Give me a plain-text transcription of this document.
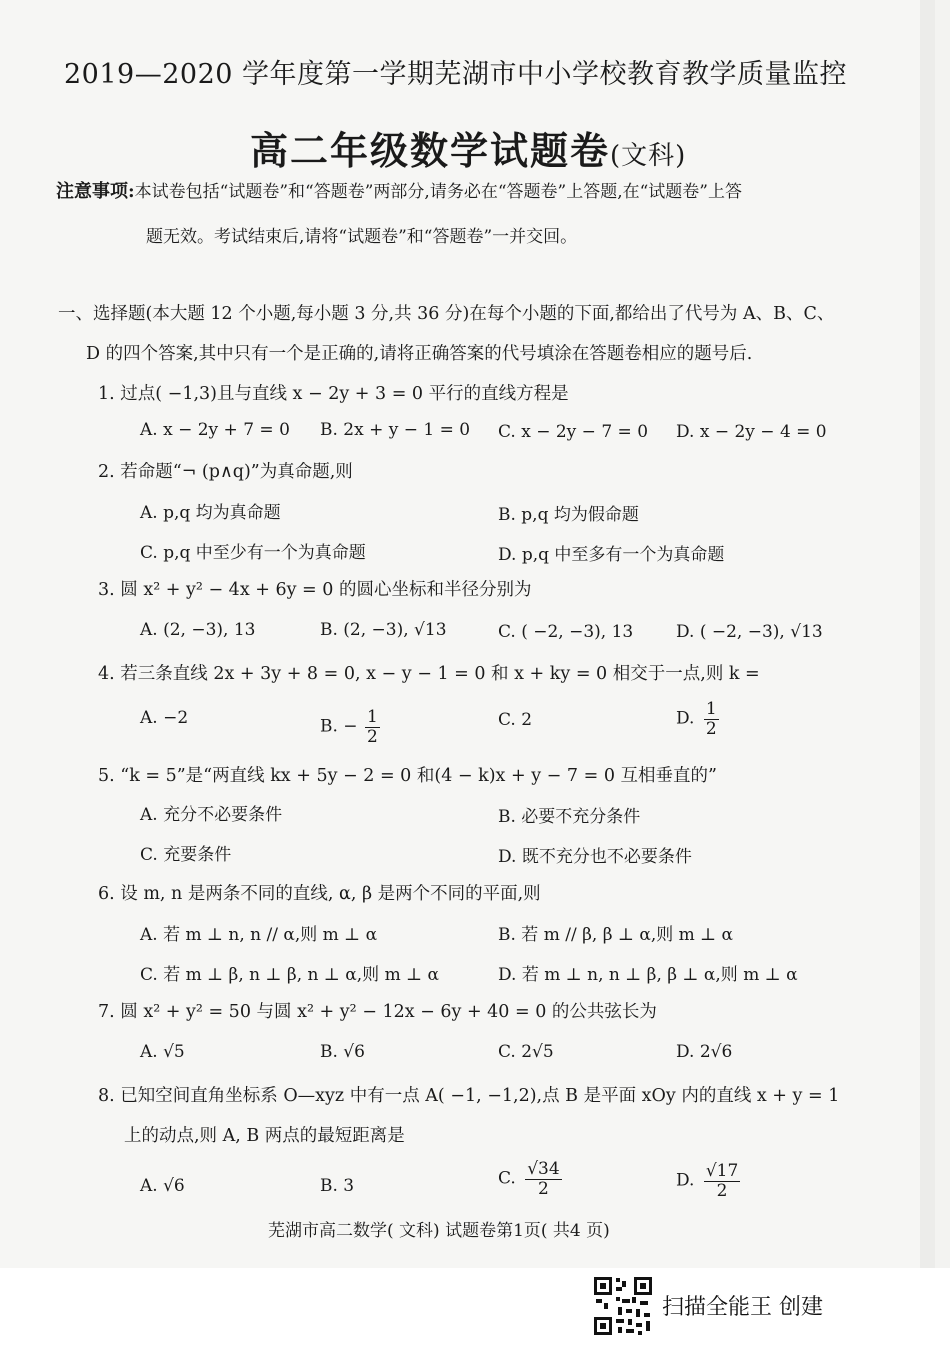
2019—2020 学年度第一学期芜湖市中小学校教育教学质量监控
高二年级数学试题卷(文科)
注意事项:本试卷包括“试题卷”和“答题卷”两部分,请务必在“答题卷”上答题,在“试题卷”上答
题无效。考试结束后,请将“试题卷”和“答题卷”一并交回。
一、选择题(本大题 12 个小题,每小题 3 分,共 36 分)在每个小题的下面,都给出了代号为 A、B、C、
D 的四个答案,其中只有一个是正确的,请将正确答案的代号填涂在答题卷相应的题号后.
1. 过点( −1,3)且与直线 x − 2y + 3 = 0 平行的直线方程是
A. x − 2y + 7 = 0 B. 2x + y − 1 = 0 C. x − 2y − 7 = 0 D. x − 2y − 4 = 0
2. 若命题“¬ (p∧q)”为真命题,则
A. p,q 均为真命题	B. p,q 均为假命题
C. p,q 中至少有一个为真命题	D. p,q 中至多有一个为真命题
3. 圆 x² + y² − 4x + 6y = 0 的圆心坐标和半径分别为
A. (2, −3), 13	B. (2, −3), √13	C. ( −2, −3), 13	D. ( −2, −3), √13
4. 若三条直线 2x + 3y + 8 = 0, x − y − 1 = 0 和 x + ky = 0 相交于一点,则 k =
A. −2	B. − $\frac{1}{2}$	C. 2	D. $\frac{1}{2}$
5. “k = 5”是“两直线 kx + 5y − 2 = 0 和(4 − k)x + y − 7 = 0 互相垂直的”
A. 充分不必要条件	B. 必要不充分条件
C. 充要条件	D. 既不充分也不必要条件
6. 设 m, n 是两条不同的直线, α, β 是两个不同的平面,则
A. 若 m ⊥ n, n // α,则 m ⊥ α	B. 若 m // β, β ⊥ α,则 m ⊥ α
C. 若 m ⊥ β, n ⊥ β, n ⊥ α,则 m ⊥ α	D. 若 m ⊥ n, n ⊥ β, β ⊥ α,则 m ⊥ α
7. 圆 x² + y² = 50 与圆 x² + y² − 12x − 6y + 40 = 0 的公共弦长为
A. √5	B. √6	C. 2√5	D. 2√6
8. 已知空间直角坐标系 O—xyz 中有一点 A( −1, −1,2),点 B 是平面 xOy 内的直线 x + y = 1
上的动点,则 A, B 两点的最短距离是
A. √6	B. 3	C. $\frac{√34}{2}$	D. $\frac{√17}{2}$
芜湖市高二数学( 文科) 试题卷第1页( 共4 页)
扫描全能王 创建
